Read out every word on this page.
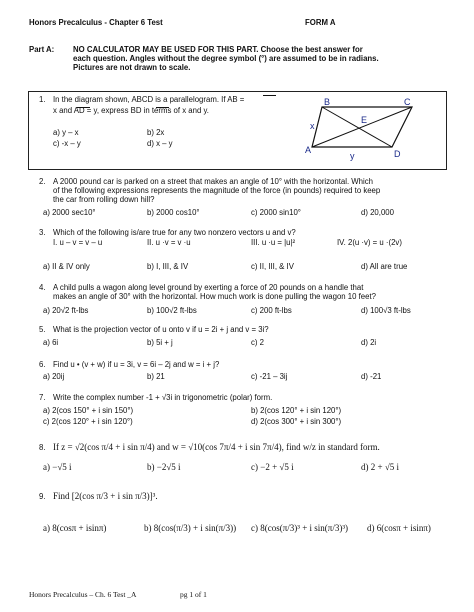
Honors Precalculus - Chapter 6 Test	FORM A
Part A: NO CALCULATOR MAY BE USED FOR THIS PART. Choose the best answer for
each question. Angles without the degree symbol (°) are assumed to be in radians.
Pictures are not drawn to scale.
1. In the diagram shown, ABCD is a parallelogram. If AB =
x and AD = y, express BD in terms of x and y.
a) y – x	b) 2x
c) -x – y	d) x – y
B	C
A	D
E
x
y
2. A 2000 pound car is parked on a street that makes an angle of 10° with the horizontal. Which
of the following expressions represents the magnitude of the force (in pounds) required to keep
the car from rolling down hill?
a) 2000 sec10°	b) 2000 cos10°	c) 2000 sin10°	d) 20,000
3. Which of the following is/are true for any two nonzero vectors u and v?
I. u – v = v – u	II. u ·v = v ·u	III. u ·u = |u|²	IV. 2(u ·v) = u ·(2v)
a) II & IV only	b) I, III, & IV	c) II, III, & IV	d) All are true
4. A child pulls a wagon along level ground by exerting a force of 20 pounds on a handle that
makes an angle of 30° with the horizontal. How much work is done pulling the wagon 10 feet?
a) 20√2 ft-lbs	b) 100√2 ft-lbs	c) 200 ft-lbs	d) 100√3 ft-lbs
5. What is the projection vector of u onto v if u = 2i + j and v = 3i?
a) 6i	b) 5i + j	c) 2	d) 2i
6. Find u • (v + w) if u = 3i, v = 6i – 2j and w = i + j?
a) 20ij	b) 21	c) -21 – 3ij	d) -21
7. Write the complex number -1 + √3i in trigonometric (polar) form.
a) 2(cos 150° + i sin 150°)	b) 2(cos 120° + i sin 120°)
c) 2(cos 120° + i sin 120°)	d) 2(cos 300° + i sin 300°)
8. If z = √2(cos π/4 + i sin π/4) and w = √10(cos 7π/4 + i sin 7π/4), find w/z in standard form.
a) −√5 i	b) −2√5 i	c) −2 + √5 i	d) 2 + √5 i
9. Find [2(cos π/3 + i sin π/3)]³.
a) 8(cosπ + isinπ)	b) 8(cos(π/3) + i sin(π/3)) c) 8(cos(π/3)³ + i sin(π/3)³) d) 6(cosπ + isinπ)
Honors Precalculus – Ch. 6 Test _A	pg 1 of 1
